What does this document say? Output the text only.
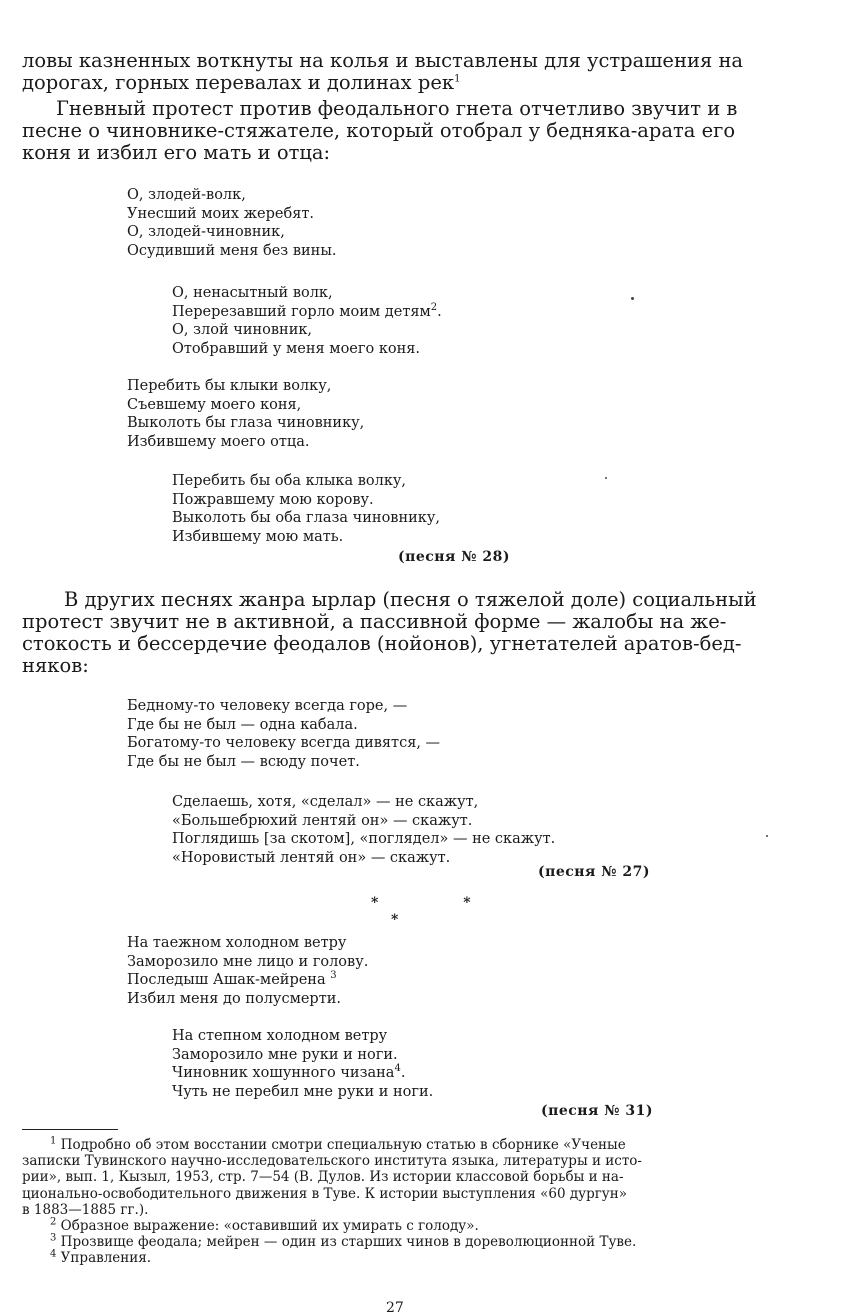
ловы казненных воткнуты на колья и выставлены для устрашения на
дорогах, горных перевалах и долинах рек$^1$

Гневный протест против феодального гнета отчетливо звучит и в
песне о чиновнике-стяжателе, который отобрал у бедняка-арата его
коня и избил его мать и отца:

О, злодей-волк,
Унесший моих жеребят.
О, злодей-чиновник,
Осудивший меня без вины.
О, ненасытный волк,
Перерезавший горло моим детям$^2$.
О, злой чиновник,
Отобравший у меня моего коня.
Перебить бы клыки волку,
Съевшему моего коня,
Выколоть бы глаза чиновнику,
Избившему моего отца.
Перебить бы оба клыка волку,
Пожравшему мою корову.
Выколоть бы оба глаза чиновнику,
Избившему мою мать.
(песня № 28)

В других песнях жанра ырлар (песня о тяжелой доле) социальный
протест звучит не в активной, а пассивной форме — жалобы на же-
стокость и бессердечие феодалов (нойонов), угнетателей аратов-бед-
няков:

Бедному-то человеку всегда горе, —
Где бы не был — одна кабала.
Богатому-то человеку всегда дивятся, —
Где бы не был — всюду почет.
Сделаешь, хотя, «сделал» — не скажут,
«Большебрюхий лентяй он» — скажут.
Поглядишь [за скотом], «поглядел» — не скажут.
«Норовистый лентяй он» — скажут.
(песня № 27)
* *
*
На таежном холодном ветру
Заморозило мне лицо и голову.
Последыш Ашак-мейрена $^3$
Избил меня до полусмерти.
На степном холодном ветру
Заморозило мне руки и ноги.
Чиновник хошунного чизана$^4$.
Чуть не перебил мне руки и ноги.
(песня № 31)
$^1$ Подробно об этом восстании смотри специальную статью в сборнике «Ученые
записки Тувинского научно-исследовательского института языка, литературы и исто-
рии», вып. 1, Кызыл, 1953, стр. 7—54 (В. Дулов. Из истории классовой борьбы и на-
ционально-освободительного движения в Туве. К истории выступления «60 дургун»
в 1883—1885 гг.).
$^2$ Образное выражение: «оставивший их умирать с голоду».
$^3$ Прозвище феодала; мейрен — один из старших чинов в дореволюционной Туве.
$^4$ Управления.
27
